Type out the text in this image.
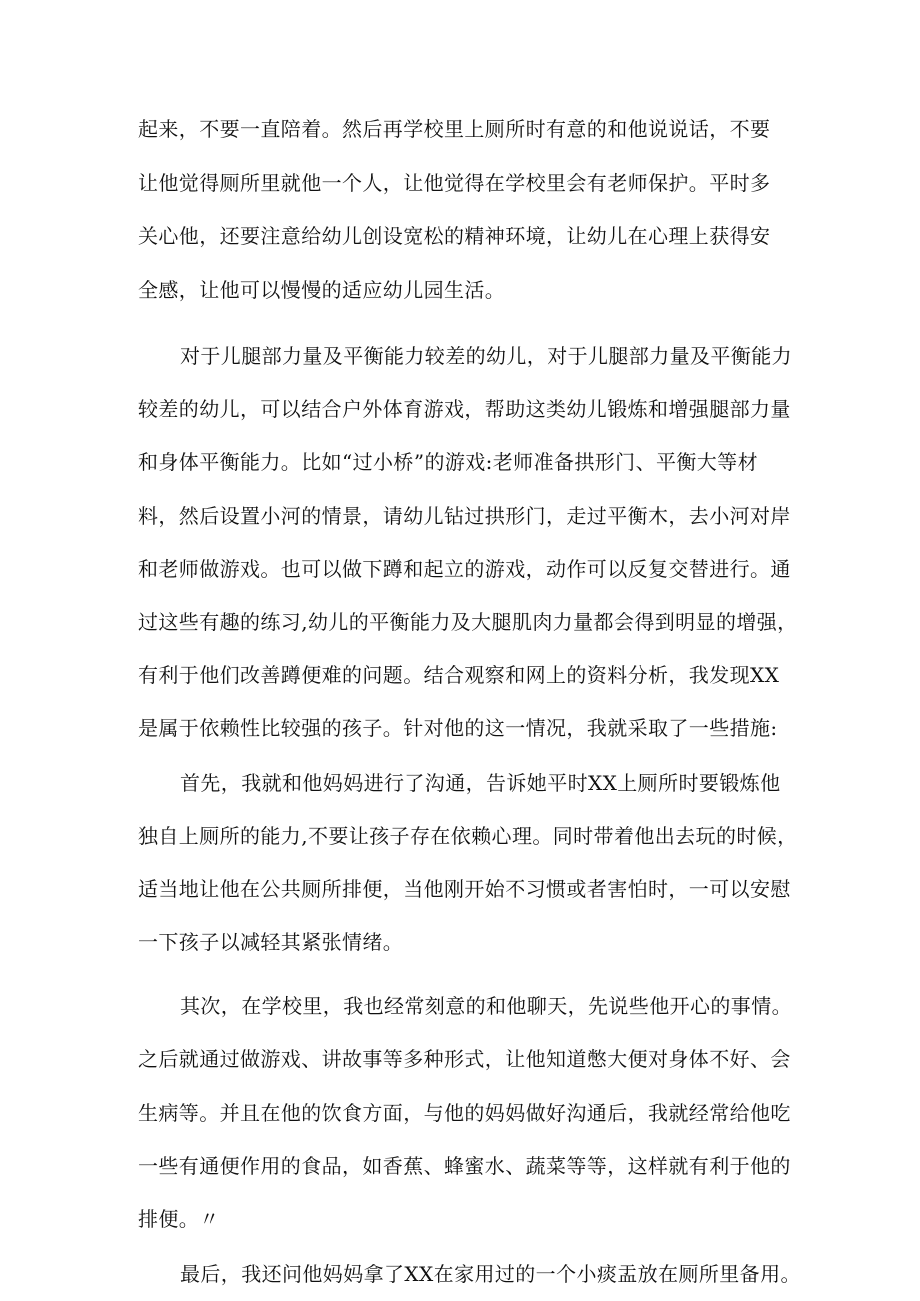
起来，不要一直陪着。然后再学校里上厕所时有意的和他说说话，不要
让他觉得厕所里就他一个人，让他觉得在学校里会有老师保护。平时多
关心他，还要注意给幼儿创设宽松的精神环境，让幼儿在心理上获得安
全感，让他可以慢慢的适应幼儿园生活。
对于儿腿部力量及平衡能力较差的幼儿，对于儿腿部力量及平衡能力
较差的幼儿，可以结合户外体育游戏，帮助这类幼儿锻炼和增强腿部力量
和身体平衡能力。比如“过小桥”的游戏:老师准备拱形门、平衡大等材
料，然后设置小河的情景，请幼儿钻过拱形门，走过平衡木，去小河对岸
和老师做游戏。也可以做下蹲和起立的游戏，动作可以反复交替进行。通
过这些有趣的练习,幼儿的平衡能力及大腿肌肉力量都会得到明显的增强，
有利于他们改善蹲便难的问题。结合观察和网上的资料分析，我发现XX
是属于依赖性比较强的孩子。针对他的这一情况，我就采取了一些措施:
首先，我就和他妈妈进行了沟通，告诉她平时XX上厕所时要锻炼他
独自上厕所的能力,不要让孩子存在依赖心理。同时带着他出去玩的时候，
适当地让他在公共厕所排便，当他刚开始不习惯或者害怕时，一可以安慰
一下孩子以减轻其紧张情绪。
其次，在学校里，我也经常刻意的和他聊天，先说些他开心的事情。
之后就通过做游戏、讲故事等多种形式，让他知道憋大便对身体不好、会
生病等。并且在他的饮食方面，与他的妈妈做好沟通后，我就经常给他吃
一些有通便作用的食品，如香蕉、蜂蜜水、蔬菜等等，这样就有利于他的
排便。〃
最后，我还问他妈妈拿了XX在家用过的一个小痰盂放在厕所里备用。
